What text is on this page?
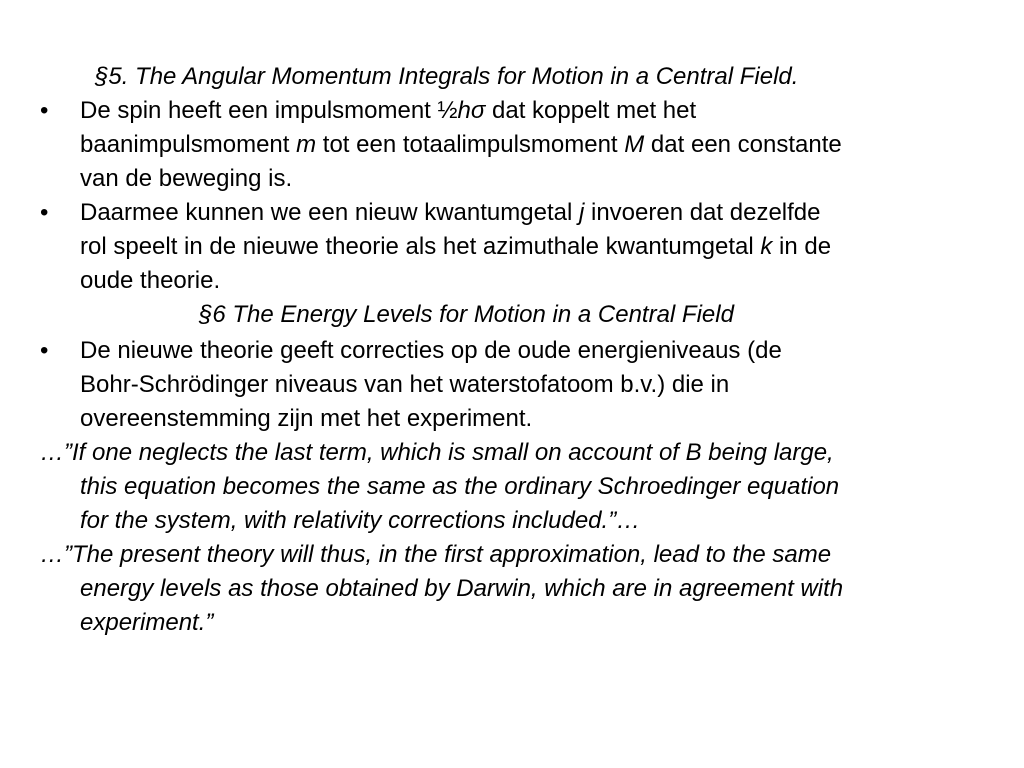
§5. The Angular Momentum Integrals for Motion in a Central Field.
• De spin heeft een impulsmoment ½hσ dat koppelt met het
baanimpulsmoment m tot een totaalimpulsmoment M dat een constante
van de beweging is.
• Daarmee kunnen we een nieuw kwantumgetal j invoeren dat dezelfde
rol speelt in de nieuwe theorie als het azimuthale kwantumgetal k in de
oude theorie.
§6 The Energy Levels for Motion in a Central Field
• De nieuwe theorie geeft correcties op de oude energieniveaus (de
Bohr-Schrödinger niveaus van het waterstofatoom b.v.) die in
overeenstemming zijn met het experiment.
…”If one neglects the last term, which is small on account of B being large,
this equation becomes the same as the ordinary Schroedinger equation
for the system, with relativity corrections included.”…
…”The present theory will thus, in the first approximation, lead to the same
energy levels as those obtained by Darwin, which are in agreement with
experiment.”
